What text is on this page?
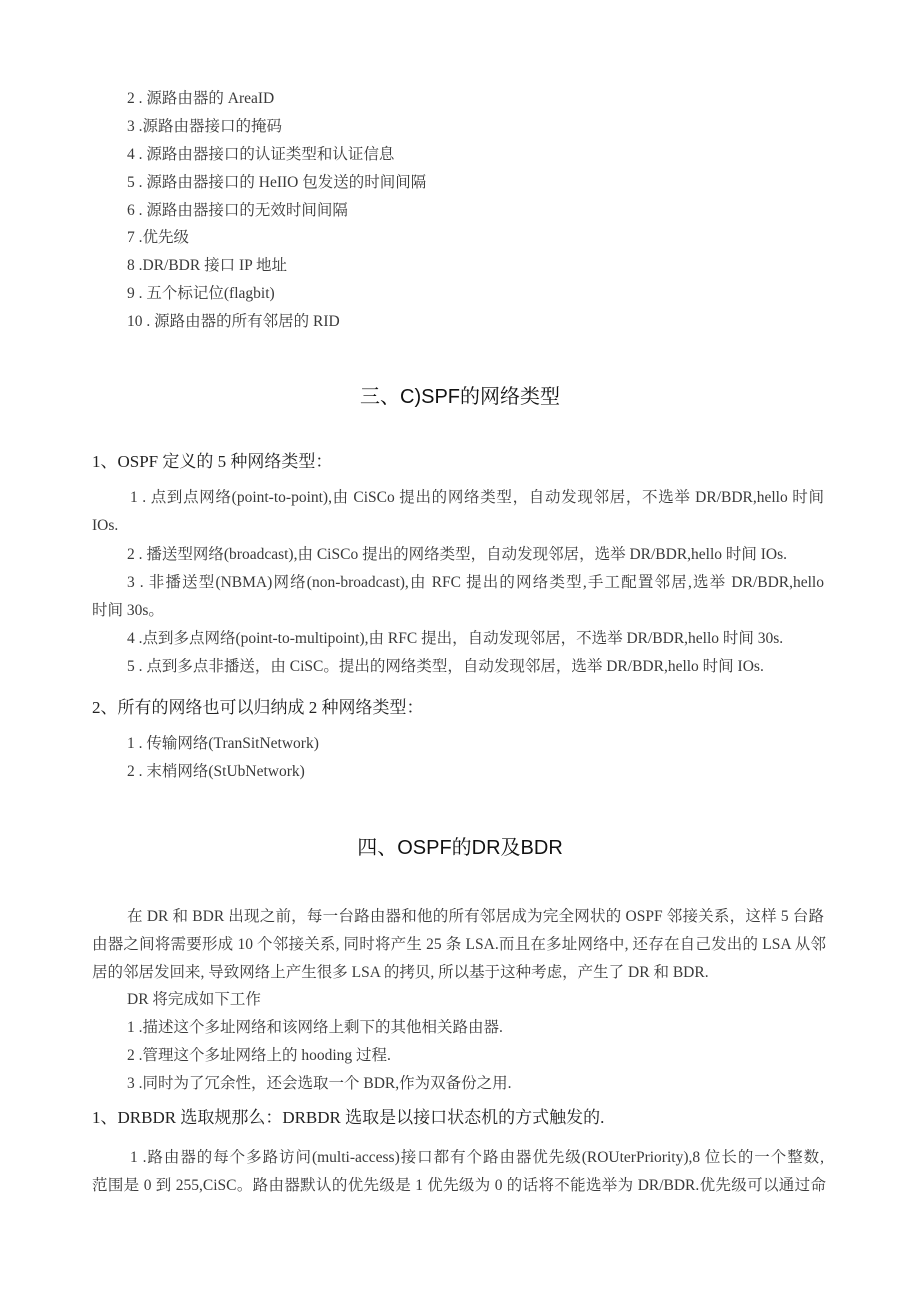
2 . 源路由器的 AreaID
3 .源路由器接口的掩码
4 . 源路由器接口的认证类型和认证信息
5 . 源路由器接口的 HeIIO 包发送的时间间隔
6 . 源路由器接口的无效时间间隔
7 .优先级
8 .DR/BDR 接口 IP 地址
9 . 五个标记位(flagbit)
10 . 源路由器的所有邻居的 RID
三、C)SPF的网络类型
1、OSPF 定义的 5 种网络类型：
1 . 点到点网络(point-to-point),由 CiSCo 提出的网络类型，自动发现邻居，不选举 DR/BDR,hello 时间
IOs.
2 . 播送型网络(broadcast),由 CiSCo 提出的网络类型，自动发现邻居，选举 DR/BDR,hello 时间 IOs.
3 . 非播送型(NBMA)网络(non-broadcast),由 RFC 提出的网络类型,手工配置邻居,选举 DR/BDR,hello
时间 30s。
4 .点到多点网络(point-to-multipoint),由 RFC 提出，自动发现邻居，不选举 DR/BDR,hello 时间 30s.
5 . 点到多点非播送，由 CiSC。提出的网络类型，自动发现邻居，选举 DR/BDR,hello 时间 IOs.
2、所有的网络也可以归纳成 2 种网络类型：
1 . 传输网络(TranSitNetwork)
2 . 末梢网络(StUbNetwork)
四、OSPF的DR及BDR
在 DR 和 BDR 出现之前，每一台路由器和他的所有邻居成为完全网状的 OSPF 邻接关系，这样 5 台路
由器之间将需要形成 10 个邻接关系, 同时将产生 25 条 LSA.而且在多址网络中, 还存在自己发出的 LSA 从邻
居的邻居发回来, 导致网络上产生很多 LSA 的拷贝, 所以基于这种考虑，产生了 DR 和 BDR.
DR 将完成如下工作
1 .描述这个多址网络和该网络上剩下的其他相关路由器.
2 .管理这个多址网络上的 hooding 过程.
3 .同时为了冗余性，还会选取一个 BDR,作为双备份之用.
1、DRBDR 选取规那么：DRBDR 选取是以接口状态机的方式触发的.
1 .路由器的每个多路访问(multi-access)接口都有个路由器优先级(ROUterPriority),8 位长的一个整数,
范围是 0 到 255,CiSC。路由器默认的优先级是 1 优先级为 0 的话将不能选举为 DR/BDR.优先级可以通过命
